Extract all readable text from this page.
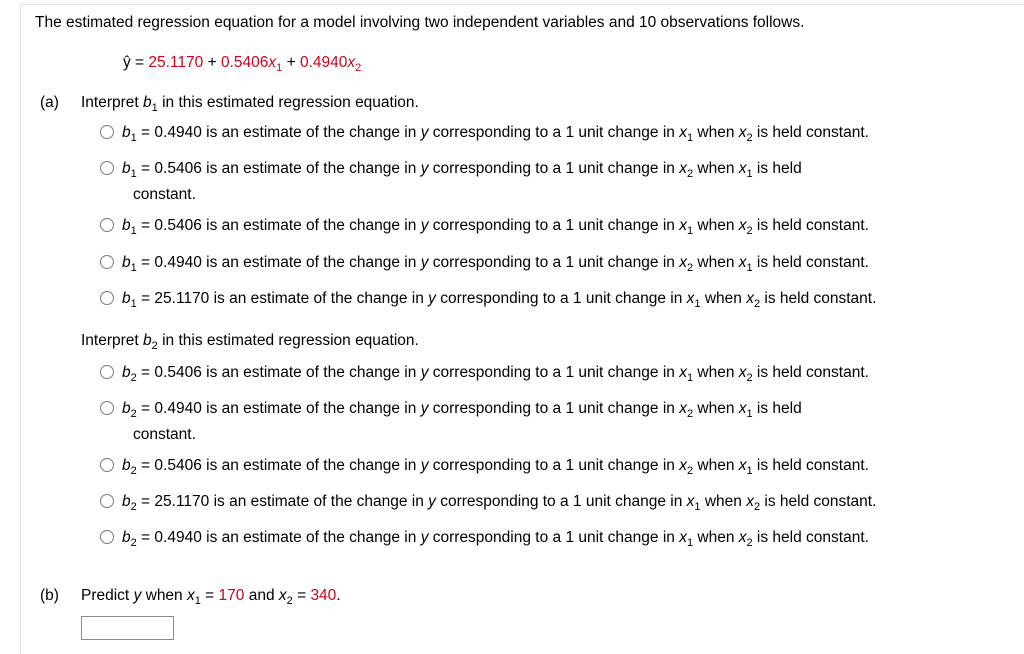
The estimated regression equation for a model involving two independent variables and 10 observations follows.
ŷ = $25.1170 + 0.5406x_1 + 0.4940x_2$
(a) Interpret $b_1$ in this estimated regression equation.
$b_1 = 0.4940$ is an estimate of the change in y corresponding to a 1 unit change in $x_1$ when $x_2$ is held constant.
$b_1 = 0.5406$ is an estimate of the change in y corresponding to a 1 unit change in $x_2$ when $x_1$ is held
constant.
$b_1 = 0.5406$ is an estimate of the change in y corresponding to a 1 unit change in $x_1$ when $x_2$ is held constant.
$b_1 = 0.4940$ is an estimate of the change in y corresponding to a 1 unit change in $x_2$ when $x_1$ is held constant.
$b_1 = 25.1170$ is an estimate of the change in y corresponding to a 1 unit change in $x_1$ when $x_2$ is held constant.
Interpret $b_2$ in this estimated regression equation.
$b_2 = 0.5406$ is an estimate of the change in y corresponding to a 1 unit change in $x_1$ when $x_2$ is held constant.
$b_2 = 0.4940$ is an estimate of the change in y corresponding to a 1 unit change in $x_2$ when $x_1$ is held
constant.
$b_2 = 0.5406$ is an estimate of the change in y corresponding to a 1 unit change in $x_2$ when $x_1$ is held constant.
$b_2 = 25.1170$ is an estimate of the change in y corresponding to a 1 unit change in $x_1$ when $x_2$ is held constant.
$b_2 = 0.4940$ is an estimate of the change in y corresponding to a 1 unit change in $x_1$ when $x_2$ is held constant.
(b) Predict y when $x_1 = 170$ and $x_2 = 340$.
